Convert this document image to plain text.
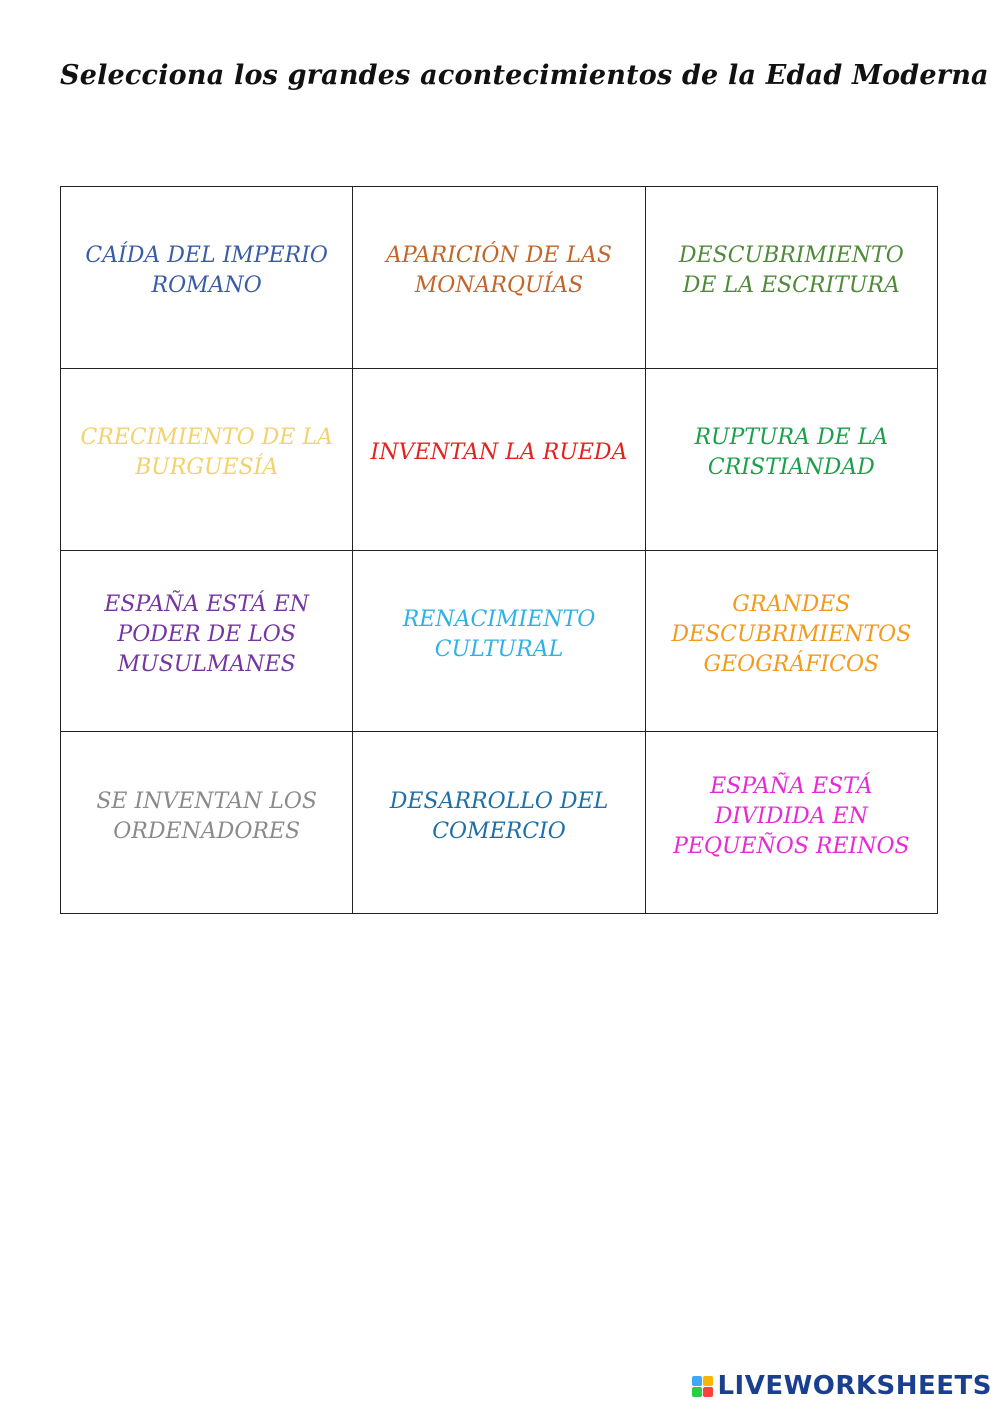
Selecciona los grandes acontecimientos de la Edad Moderna
CAÍDA DEL IMPERIO ROMANO
APARICIÓN DE LAS MONARQUÍAS
DESCUBRIMIENTO DE LA ESCRITURA
CRECIMIENTO DE LA BURGUESÍA
INVENTAN LA RUEDA
RUPTURA DE LA CRISTIANDAD
ESPAÑA ESTÁ EN PODER DE LOS MUSULMANES
RENACIMIENTO CULTURAL
GRANDES DESCUBRIMIENTOS GEOGRÁFICOS
SE INVENTAN LOS ORDENADORES
DESARROLLO DEL COMERCIO
ESPAÑA ESTÁ DIVIDIDA EN PEQUEÑOS REINOS
LIVEWORKSHEETS
